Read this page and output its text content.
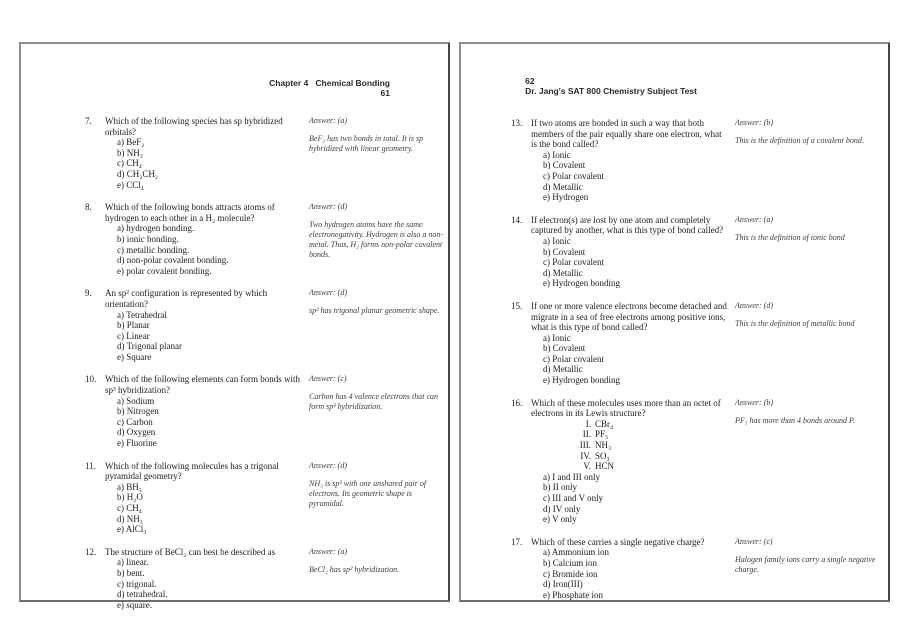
Chapter 4   Chemical Bonding
61

7.	Which of the following species has sp hybridized orbitals?
a) BeF₂
b) NH₃
c) CH₄
d) CH₂CH₂
e) CCl₄
Answer: (a)
BeF₂ has two bonds in total. It is sp hybridized with linear geometry.
8.	Which of the following bonds attracts atoms of hydrogen to each other in a H₂ molecule?
a) hydrogen bonding.
b) ionic bonding.
c) metallic bonding.
d) non-polar covalent bonding.
e) polar covalent bonding.
Answer: (d)
Two hydrogen atoms have the same electronegativity. Hydrogen is also a non-metal. Thus, H₂ forms non-polar covalent bonds.
9.	An sp² configuration is represented by which orientation?
a) Tetrahedral
b) Planar
c) Linear
d) Trigonal planar
e) Square
Answer: (d)
sp² has trigonal planar geometric shape.
10. Which of the following elements can form bonds with sp³ hybridization?
a) Sodium
b) Nitrogen
c) Carbon
d) Oxygen
e) Fluorine
Answer: (c)
Carbon has 4 valence electrons that can form sp³ hybridization.
11.	Which of the following molecules has a trigonal pyramidal geometry?
a) BH₃
b) H₂O
c) CH₄
d) NH₃
e) AlCl₃
Answer: (d)
NH₃ is sp³ with one unshared pair of electrons. Its geometric shape is pyramidal.
12. The structure of BeCl₂ can best be described as
a) linear.
b) bent.
c) trigonal.
d) tetrahedral.
e) square.
Answer: (a)
BeCl₂ has sp² hybridization.

62
Dr. Jang's SAT 800 Chemistry Subject Test

13. If two atoms are bonded in such a way that both members of the pair equally share one electron, what is the bond called?
a) Ionic
b) Covalent
c) Polar covalent
d) Metallic
e) Hydrogen
Answer: (b)
This is the definition of a covalent bond.
14. If electron(s) are lost by one atom and completely captured by another, what is this type of bond called?
a) Ionic
b) Covalent
c) Polar covalent
d) Metallic
e) Hydrogen bonding
Answer: (a)
This is the definition of ionic bond
15. If one or more valence electrons become detached and migrate in a sea of free electrons among positive ions, what is this type of bond called?
a) Ionic
b) Covalent
c) Polar covalent
d) Metallic
e) Hydrogen bonding
Answer: (d)
This is the definition of metallic bond
16. Which of these molecules uses more than an octet of electrons in its Lewis structure?
I. CBr₄
II. PF₅
III. NH₃
IV. SO₃
V. HCN
a) I and III only
b) II only
c) III and V only
d) IV only
e) V only
Answer: (b)
PF₅ has more than 4 bonds around P.
17. Which of these carries a single negative charge?
a) Ammonium ion
b) Calcium ion
c) Bromide ion
d) Iron(III)
e) Phosphate ion
Answer: (c)
Halogen family ions carry a single negative charge.
